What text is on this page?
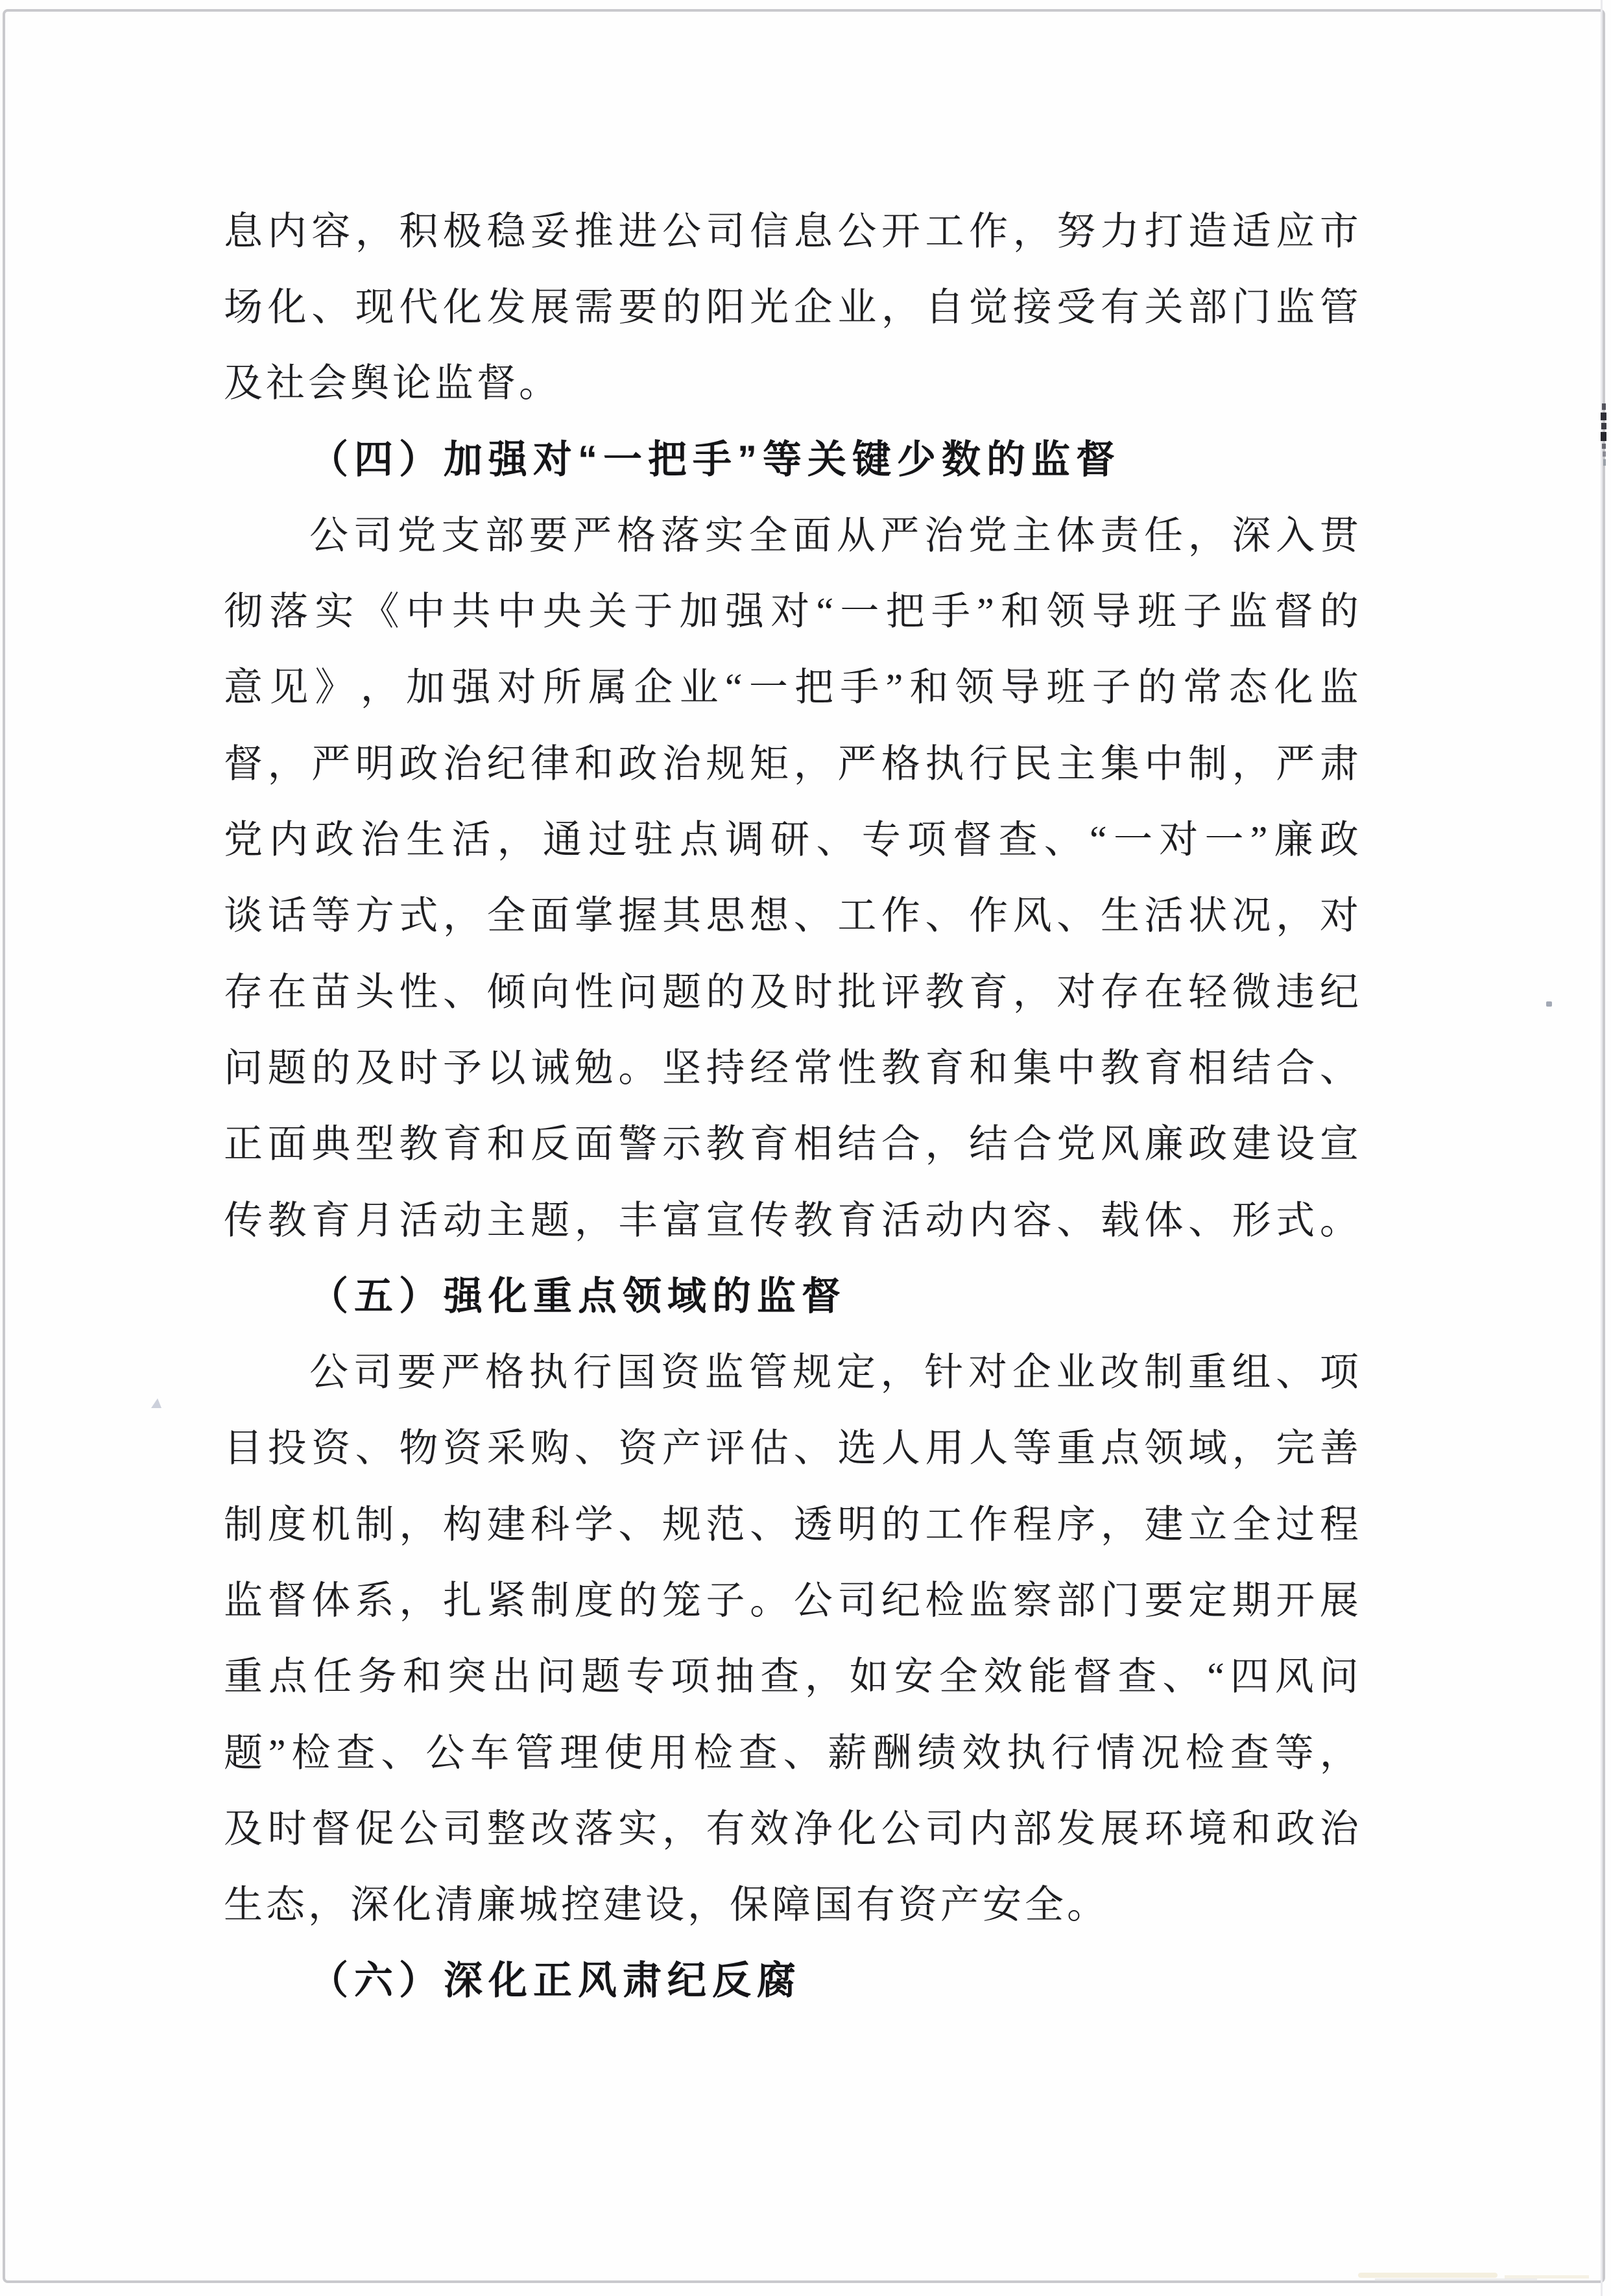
息 内 容 ， 积 极 稳 妥 推 进 公 司 信 息 公 开 工 作 ， 努 力 打 造 适 应 市
场 化 、 现 代 化 发 展 需 要 的 阳 光 企 业 ， 自 觉 接 受 有 关 部 门 监 管
及 社 会 舆 论 监 督 。
（ 四 ） 加 强 对 “ 一 把 手 ” 等 关 键 少 数 的 监 督
公 司 党 支 部 要 严 格 落 实 全 面 从 严 治 党 主 体 责 任 ， 深 入 贯
彻 落 实 《 中 共 中 央 关 于 加 强 对 “ 一 把 手 ” 和 领 导 班 子 监 督 的
意 见 》 ， 加 强 对 所 属 企 业 “ 一 把 手 ” 和 领 导 班 子 的 常 态 化 监
督 ， 严 明 政 治 纪 律 和 政 治 规 矩 ， 严 格 执 行 民 主 集 中 制 ， 严 肃
党 内 政 治 生 活 ， 通 过 驻 点 调 研 、 专 项 督 查 、 “ 一 对 一 ” 廉 政
谈 话 等 方 式 ， 全 面 掌 握 其 思 想 、 工 作 、 作 风 、 生 活 状 况 ， 对
存 在 苗 头 性 、 倾 向 性 问 题 的 及 时 批 评 教 育 ， 对 存 在 轻 微 违 纪
问 题 的 及 时 予 以 诫 勉 。 坚 持 经 常 性 教 育 和 集 中 教 育 相 结 合 、
正 面 典 型 教 育 和 反 面 警 示 教 育 相 结 合 ， 结 合 党 风 廉 政 建 设 宣
传 教 育 月 活 动 主 题 ， 丰 富 宣 传 教 育 活 动 内 容 、 载 体 、 形 式 。
（ 五 ） 强 化 重 点 领 域 的 监 督
公 司 要 严 格 执 行 国 资 监 管 规 定 ， 针 对 企 业 改 制 重 组 、 项
目 投 资 、 物 资 采 购 、 资 产 评 估 、 选 人 用 人 等 重 点 领 域 ， 完 善
制 度 机 制 ， 构 建 科 学 、 规 范 、 透 明 的 工 作 程 序 ， 建 立 全 过 程
监 督 体 系 ， 扎 紧 制 度 的 笼 子 。 公 司 纪 检 监 察 部 门 要 定 期 开 展
重 点 任 务 和 突 出 问 题 专 项 抽 查 ， 如 安 全 效 能 督 查 、 “ 四 风 问
题 ” 检 查 、 公 车 管 理 使 用 检 查 、 薪 酬 绩 效 执 行 情 况 检 查 等 ，
及 时 督 促 公 司 整 改 落 实 ， 有 效 净 化 公 司 内 部 发 展 环 境 和 政 治
生 态 ， 深 化 清 廉 城 控 建 设 ， 保 障 国 有 资 产 安 全 。
（ 六 ） 深 化 正 风 肃 纪 反 腐
